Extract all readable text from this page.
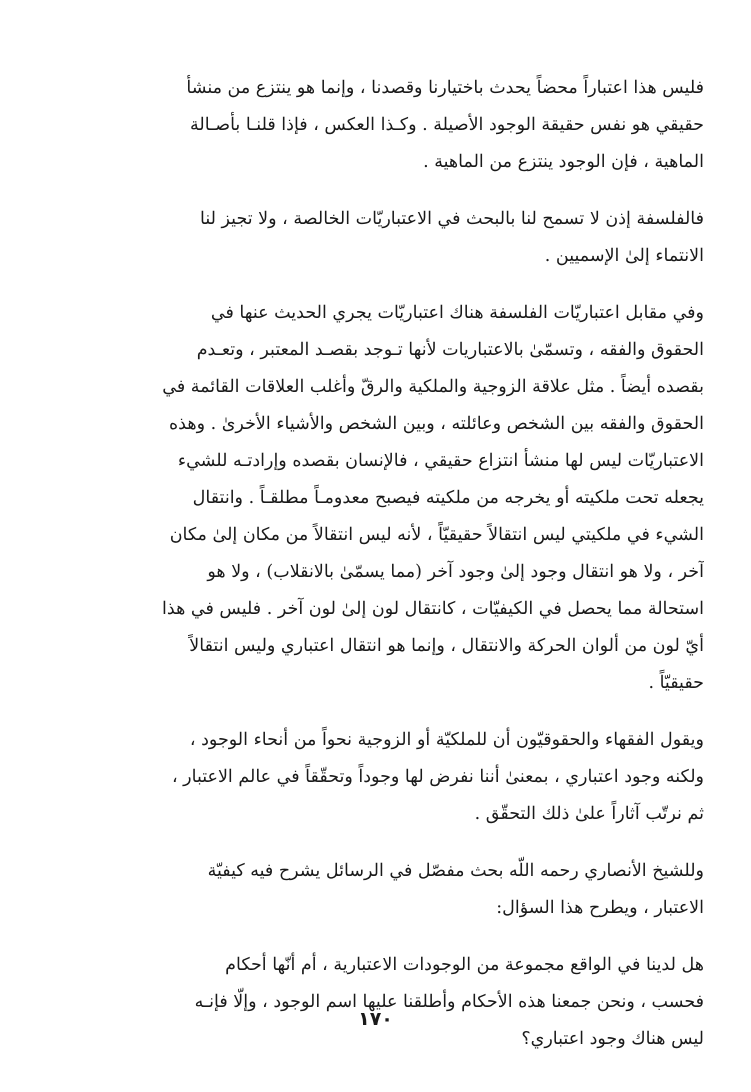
فليس هذا اعتباراً محضاً يحدث باختيارنا وقصدنا ، وإنما هو ينتزع من منشأ
حقيقي هو نفس حقيقة الوجود الأصيلة . وكـذا العكس ، فإذا قلنـا بأصـالة
الماهية ، فإن الوجود ينتزع من الماهية .
فالفلسفة إذن لا تسمح لنا بالبحث في الاعتباريّات الخالصة ، ولا تجيز لنا
الانتماء إلىٰ الإسميين .
وفي مقابل اعتباريّات الفلسفة هناك اعتباريّات يجري الحديث عنها في
الحقوق والفقه ، وتسمّىٰ بالاعتباريات لأنها تـوجد بقصـد المعتبر ، وتعـدم
بقصده أيضاً . مثل علاقة الزوجية والملكية والرقّ وأغلب العلاقات القائمة في
الحقوق والفقه بين الشخص وعائلته ، وبين الشخص والأشياء الأخرىٰ . وهذه
الاعتباريّات ليس لها منشأ انتزاع حقيقي ، فالإنسان بقصده وإرادتـه للشيء
يجعله تحت ملكيته أو يخرجه من ملكيته فيصبح معدومـاً مطلقـاً . وانتقال
الشيء في ملكيتي ليس انتقالاً حقيقيّاً ، لأنه ليس انتقالاً من مكان إلىٰ مكان
آخر ، ولا هو انتقال وجود إلىٰ وجود آخر (مما يسمّىٰ بالانقلاب) ، ولا هو
استحالة مما يحصل في الكيفيّات ، كانتقال لون إلىٰ لون آخر . فليس في هذا
أيّ لون من ألوان الحركة والانتقال ، وإنما هو انتقال اعتباري وليس انتقالاً
حقيقيّاً .
ويقول الفقهاء والحقوقيّون أن للملكيّة أو الزوجية نحواً من أنحاء الوجود ،
ولكنه وجود اعتباري ، بمعنىٰ أننا نفرض لها وجوداً وتحقّقاً في عالم الاعتبار ،
ثم نرتّب آثاراً علىٰ ذلك التحقّق .
وللشيخ الأنصاري رحمه اللّه بحث مفصّل في الرسائل يشرح فيه كيفيّة
الاعتبار ، ويطرح هذا السؤال:
هل لدينا في الواقع مجموعة من الوجودات الاعتبارية ، أم أنّها أحكام
فحسب ، ونحن جمعنا هذه الأحكام وأطلقنا عليها اسم الوجود ، وإلّا فإنـه
ليس هناك وجود اعتباري؟
١٧٠
